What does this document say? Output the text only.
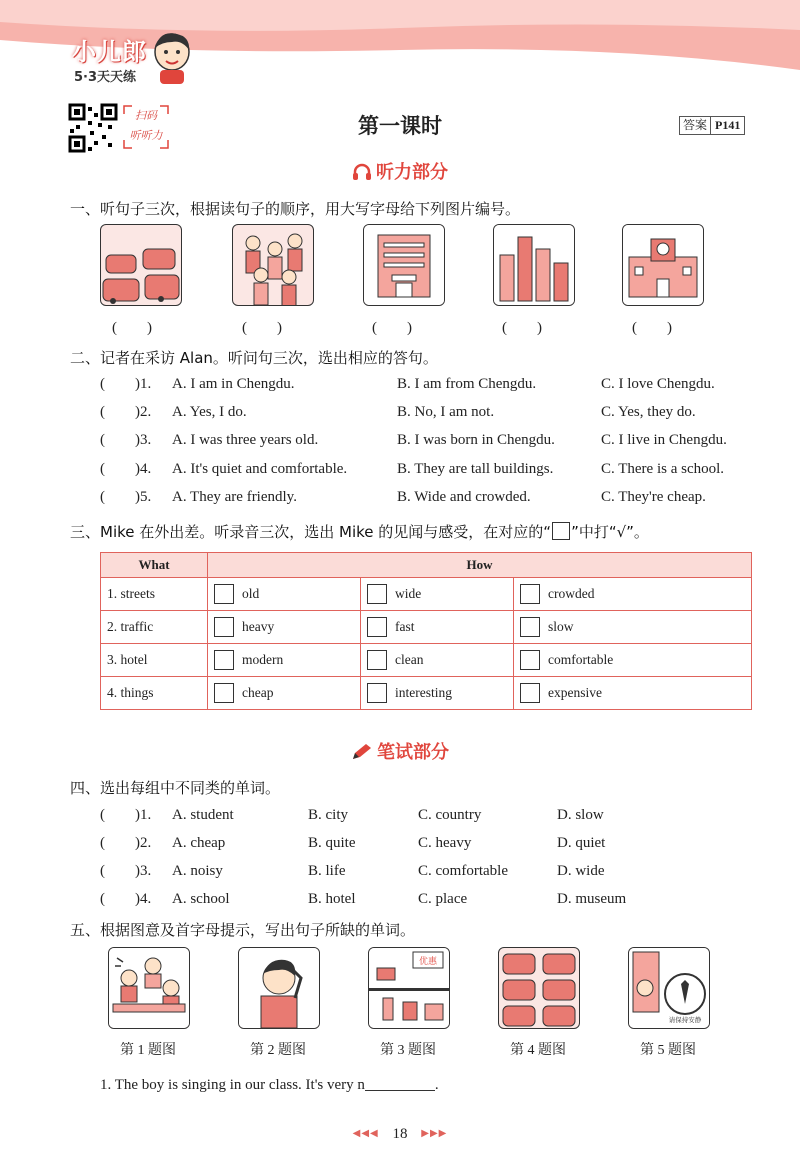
小儿郎
5·3天天练
扫码
听听力	第一课时	答案 P141
听力部分
一、听句子三次，根据读句子的顺序，用大写字母给下列图片编号。
(　　)	(　　)	(　　)	(　　)	(　　)
二、记者在采访 Alan。听问句三次，选出相应的答句。
(　　)1. A. I am in Chengdu.	B. I am from Chengdu.	C. I love Chengdu.
(　　)2. A. Yes, I do.	B. No, I am not.	C. Yes, they do.
(　　)3. A. I was three years old.	B. I was born in Chengdu.	C. I live in Chengdu.
(　　)4. A. It's quiet and comfortable.	B. They are tall buildings.	C. There is a school.
(　　)5. A. They are friendly.	B. Wide and crowded.	C. They're cheap.
三、Mike 在外出差。听录音三次，选出 Mike 的见闻与感受，在对应的“ ”中打“√”。
What	How		
1. streets	old	wide	crowded

2. traffic	heavy	fast	slow

3. hotel	modern	clean	comfortable

4. things	cheap	interesting	expensive
笔试部分
四、选出每组中不同类的单词。
(　　)1. A. student	B. city	C. country	D. slow
(　　)2. A. cheap	B. quite	C. heavy	D. quiet
(　　)3. A. noisy	B. life	C. comfortable	D. wide
(　　)4. A. school	B. hotel	C. place	D. museum
五、根据图意及首字母提示，写出句子所缺的单词。
优惠
请保持安静
第 1 题图	第 2 题图	第 3 题图	第 4 题图	第 5 题图
1. The boy is singing in our class. It's very n	.
◀◀◀ 18 ▶▶▶
